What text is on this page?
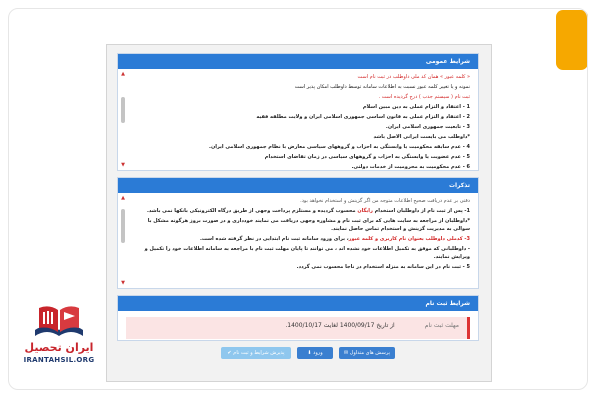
ایران تحصیل
IRANTAHSIL.ORG
شرایط عمومی

« کلمه عبور » همان کد ملی داوطلب در ثبت نام است

نمونه و یا تغییر کلمه عبور نسبت به اطلاعات سامانه توسط داوطلب امکان پذیر است

ثبت نام ( سیستم جذب ) درج گردیده است .

1 - اعتقاد و التزام عملی به دین مبین اسلام

2 - اعتقاد و التزام عملی به قانون اساسی جمهوری اسلامی ایران و ولایت مطلقه فقیه

3 - تابعیت جمهوری اسلامی ایران.

*داوطلب می بایست ایرانی الاصل باشد

4 - عدم سابقه محکومیت یا وابستگی به احزاب و گروههای سیاسی معارض با نظام جمهوری اسلامی ایران.

5 - عدم عضویت یا وابستگی به احزاب و گروههای سیاسی در زمان تقاضای استخدام

6 - عدم محکومیت به محرومیت از خدمات دولتی.

▲
▼
تذکرات

دقتی بر عدم دریافت صحیح اطلاعات متوجه من اگر گزینش و استخدام نخواهد بود.

1- پس از ثبت نام از داوطلبان استخدام رایگان محسوب گردیده و مستلزم پرداخت وجهی از طریق درگاه الکترونیکی بانکها نمی باشد.

*داوطلبان از مراجعه به سایت هایی که برای ثبت نام و مشاوره وجهی دریافت می نمایند خودداری و در صورت بروز هرگونه مشکل با سوالی به مدیریت گزینش و استخدام تماس حاصل نمایند.

3- کدملی داوطلب بعنوان نام کاربری و کلمه عبور، برای ورود سامانه ثبت نام ابتدایی در نظر گرفته شده است.

- داوطلبانی که موفق به تکمیل اطلاعات خود نشده اند ، می توانند تا پایان مهلت ثبت نام با مراجعه به سامانه اطلاعات خود را تکمیل و ویرایش نمایند.

5 - ثبت نام در این سامانه به منزله استخدام در ناجا محسوب نمی گردد.

▲
▼
شرایط ثبت نام
مهلت ثبت نام
از تاریخ 1400/09/17 لغایت 1400/10/17.
✔ پذیرش شرایط و ثبت نام	⬇ ورود	✉ پرسش های متداول
